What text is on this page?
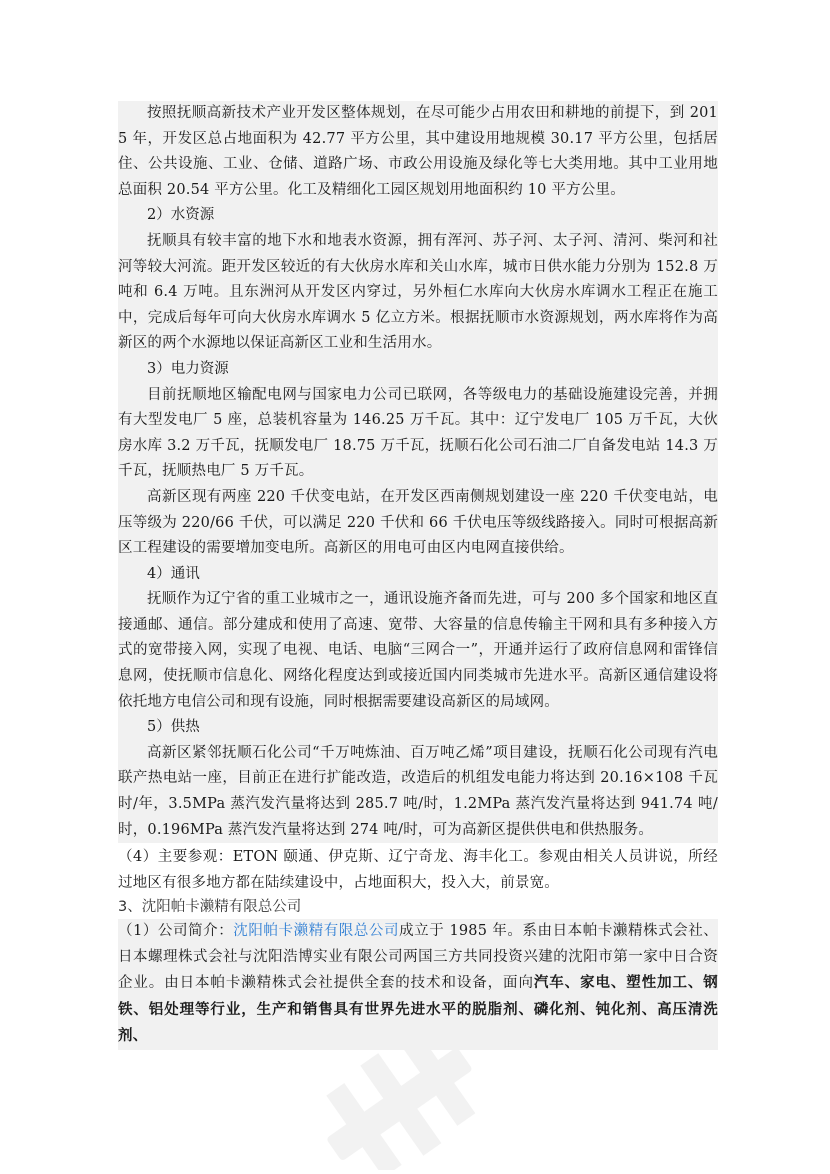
按照抚顺高新技术产业开发区整体规划，在尽可能少占用农田和耕地的前提下，到 2015 年，开发区总占地面积为 42.77 平方公里，其中建设用地规模 30.17 平方公里，包括居住、公共设施、工业、仓储、道路广场、市政公用设施及绿化等七大类用地。其中工业用地总面积 20.54 平方公里。化工及精细化工园区规划用地面积约 10 平方公里。

2）水资源

抚顺具有较丰富的地下水和地表水资源，拥有浑河、苏子河、太子河、清河、柴河和社河等较大河流。距开发区较近的有大伙房水库和关山水库，城市日供水能力分别为 152.8 万吨和 6.4 万吨。且东洲河从开发区内穿过，另外桓仁水库向大伙房水库调水工程正在施工中，完成后每年可向大伙房水库调水 5 亿立方米。根据抚顺市水资源规划，两水库将作为高新区的两个水源地以保证高新区工业和生活用水。

3）电力资源

目前抚顺地区输配电网与国家电力公司已联网，各等级电力的基础设施建设完善，并拥有大型发电厂 5 座，总装机容量为 146.25 万千瓦。其中：辽宁发电厂 105 万千瓦，大伙房水库 3.2 万千瓦，抚顺发电厂 18.75 万千瓦，抚顺石化公司石油二厂自备发电站 14.3 万千瓦，抚顺热电厂 5 万千瓦。

高新区现有两座 220 千伏变电站，在开发区西南侧规划建设一座 220 千伏变电站，电压等级为 220/66 千伏，可以满足 220 千伏和 66 千伏电压等级线路接入。同时可根据高新区工程建设的需要增加变电所。高新区的用电可由区内电网直接供给。

4）通讯

抚顺作为辽宁省的重工业城市之一，通讯设施齐备而先进，可与 200 多个国家和地区直接通邮、通信。部分建成和使用了高速、宽带、大容量的信息传输主干网和具有多种接入方式的宽带接入网，实现了电视、电话、电脑“三网合一”，开通并运行了政府信息网和雷锋信息网，使抚顺市信息化、网络化程度达到或接近国内同类城市先进水平。高新区通信建设将依托地方电信公司和现有设施，同时根据需要建设高新区的局域网。

5）供热

高新区紧邻抚顺石化公司“千万吨炼油、百万吨乙烯”项目建设，抚顺石化公司现有汽电联产热电站一座，目前正在进行扩能改造，改造后的机组发电能力将达到 20.16×108 千瓦时/年，3.5MPa 蒸汽发汽量将达到 285.7 吨/时，1.2MPa 蒸汽发汽量将达到 941.74 吨/时，0.196MPa 蒸汽发汽量将达到 274 吨/时，可为高新区提供供电和供热服务。

（4）主要参观：ETON 颐通、伊克斯、辽宁奇龙、海丰化工。参观由相关人员讲说，所经过地区有很多地方都在陆续建设中，占地面积大，投入大，前景宽。

3、沈阳帕卡濑精有限总公司

（1）公司简介：沈阳帕卡濑精有限总公司成立于 1985 年。系由日本帕卡濑精株式会社、日本螺理株式会社与沈阳浩博实业有限公司两国三方共同投资兴建的沈阳市第一家中日合资企业。由日本帕卡濑精株式会社提供全套的技术和设备，面向汽车、家电、塑性加工、钢铁、铝处理等行业，生产和销售具有世界先进水平的脱脂剂、磷化剂、钝化剂、高压清洗剂、
